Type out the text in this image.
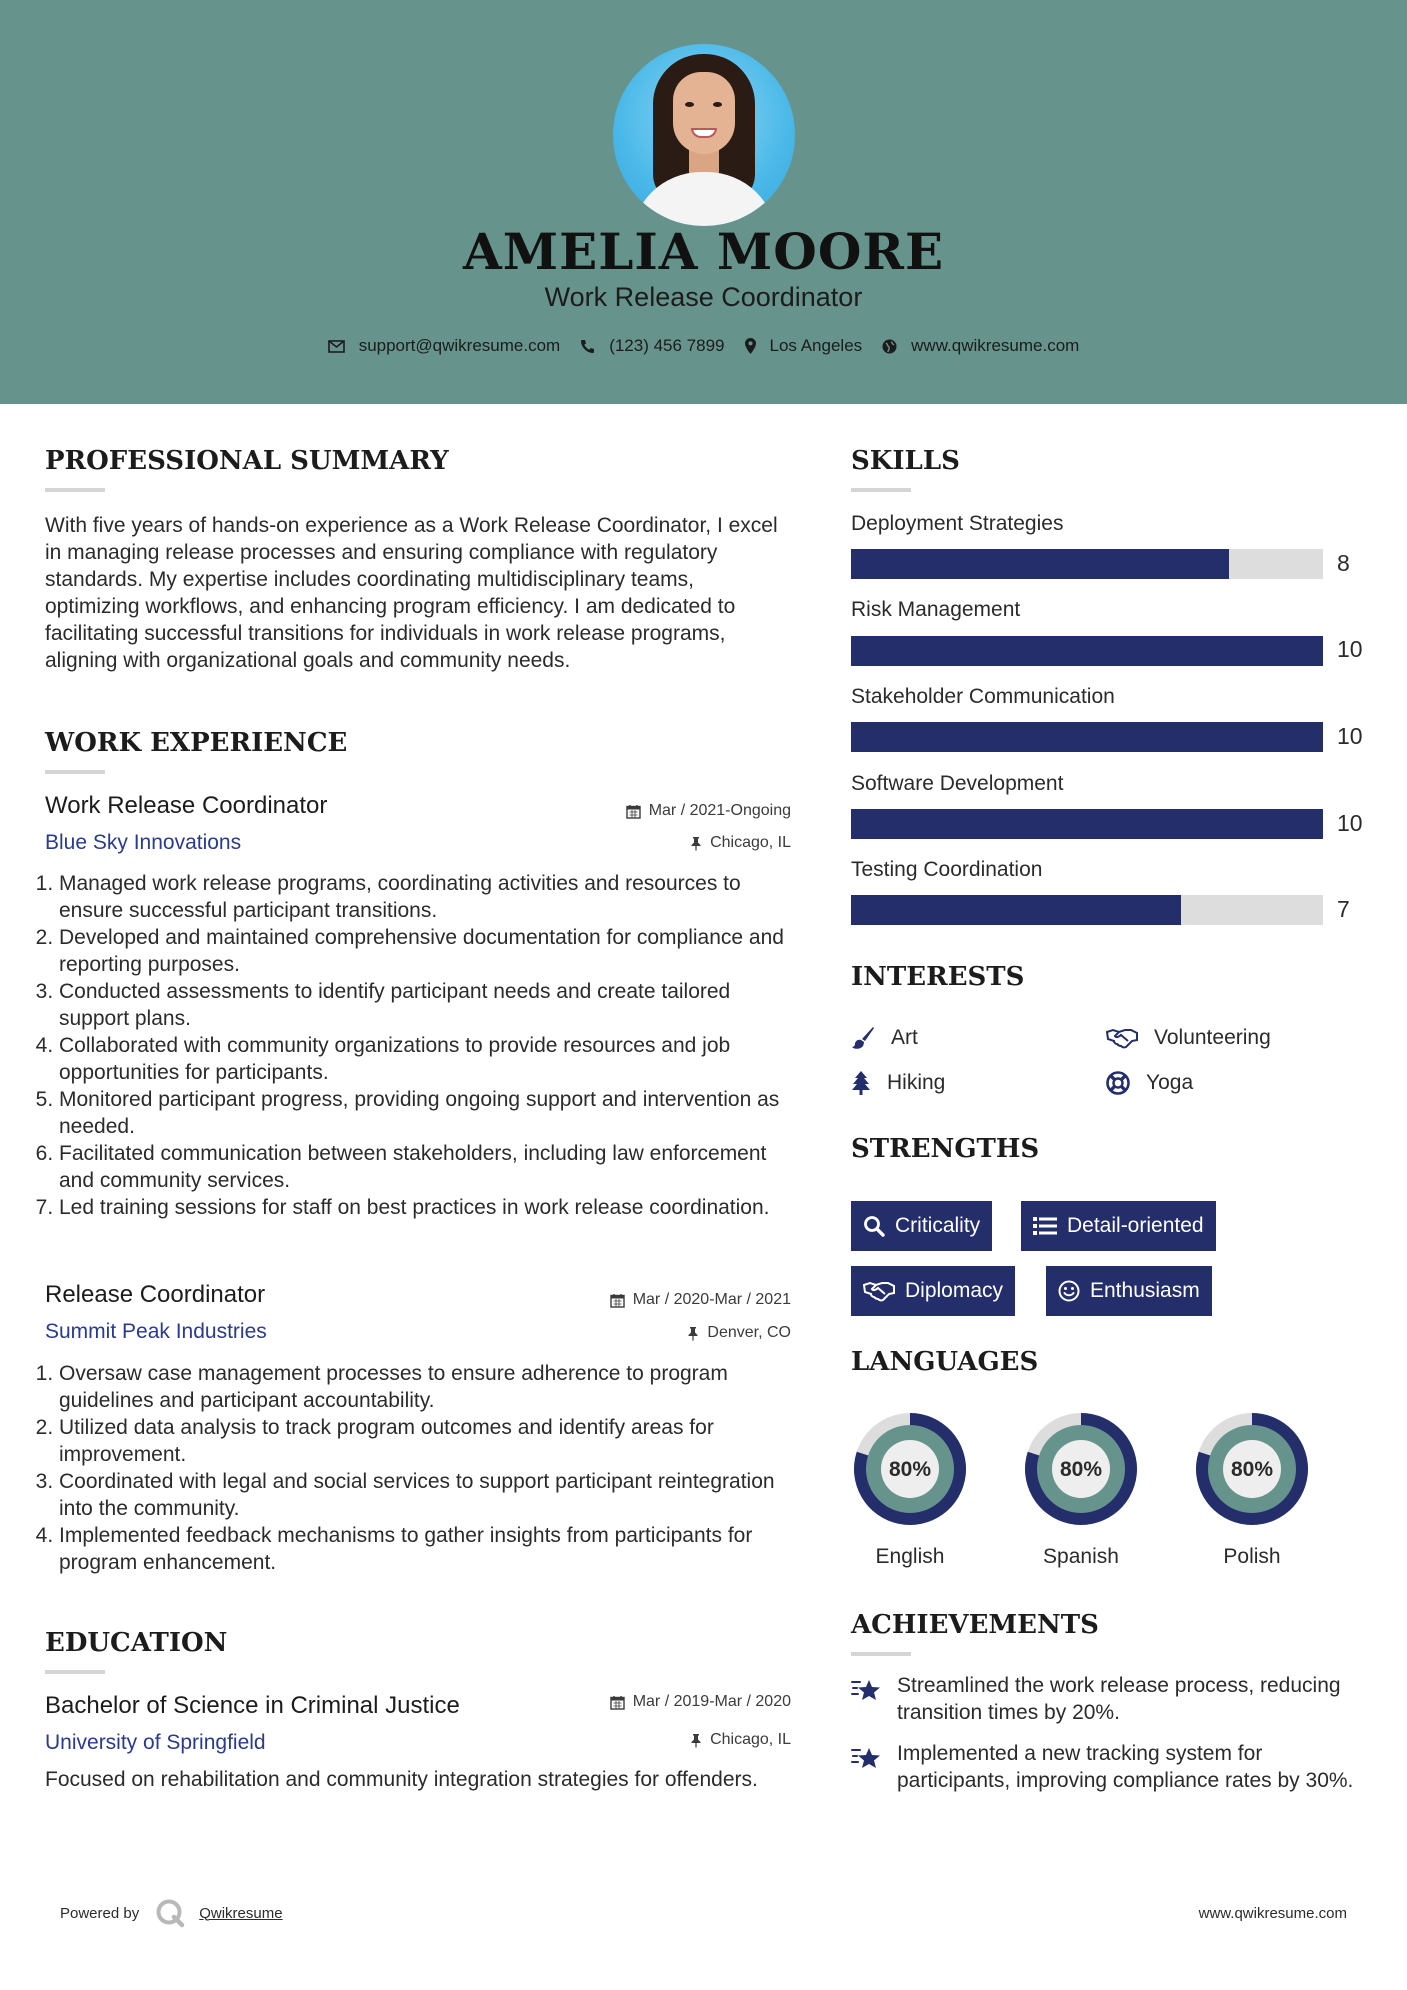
AMELIA MOORE
Work Release Coordinator
support@qwikresume.com	(123) 456 7899	Los Angeles	www.qwikresume.com
PROFESSIONAL SUMMARY
With five years of hands-on experience as a Work Release Coordinator, I excel in managing release processes and ensuring compliance with regulatory standards. My expertise includes coordinating multidisciplinary teams, optimizing workflows, and enhancing program efficiency. I am dedicated to facilitating successful transitions for individuals in work release programs, aligning with organizational goals and community needs.
WORK EXPERIENCE
Work Release Coordinator	Mar / 2021-Ongoing
Blue Sky Innovations	Chicago, IL
1. Managed work release programs, coordinating activities and resources to ensure successful participant transitions.
2. Developed and maintained comprehensive documentation for compliance and reporting purposes.
3. Conducted assessments to identify participant needs and create tailored support plans.
4. Collaborated with community organizations to provide resources and job opportunities for participants.
5. Monitored participant progress, providing ongoing support and intervention as needed.
6. Facilitated communication between stakeholders, including law enforcement and community services.
7. Led training sessions for staff on best practices in work release coordination.
Release Coordinator	Mar / 2020-Mar / 2021
Summit Peak Industries	Denver, CO
1. Oversaw case management processes to ensure adherence to program guidelines and participant accountability.
2. Utilized data analysis to track program outcomes and identify areas for improvement.
3. Coordinated with legal and social services to support participant reintegration into the community.
4. Implemented feedback mechanisms to gather insights from participants for program enhancement.
EDUCATION
Bachelor of Science in Criminal Justice	Mar / 2019-Mar / 2020
University of Springfield	Chicago, IL
Focused on rehabilitation and community integration strategies for offenders.
SKILLS
Deployment Strategies
8
Risk Management
10
Stakeholder Communication
10
Software Development
10
Testing Coordination
7
INTERESTS
Art	Volunteering
Hiking	Yoga
STRENGTHS
Criticality	Detail-oriented
Diplomacy	Enthusiasm
LANGUAGES
80%
English
80%
Spanish
80%
Polish
ACHIEVEMENTS
Streamlined the work release process, reducing transition times by 20%.
Implemented a new tracking system for participants, improving compliance rates by 30%.
Powered by	Qwikresume	www.qwikresume.com
